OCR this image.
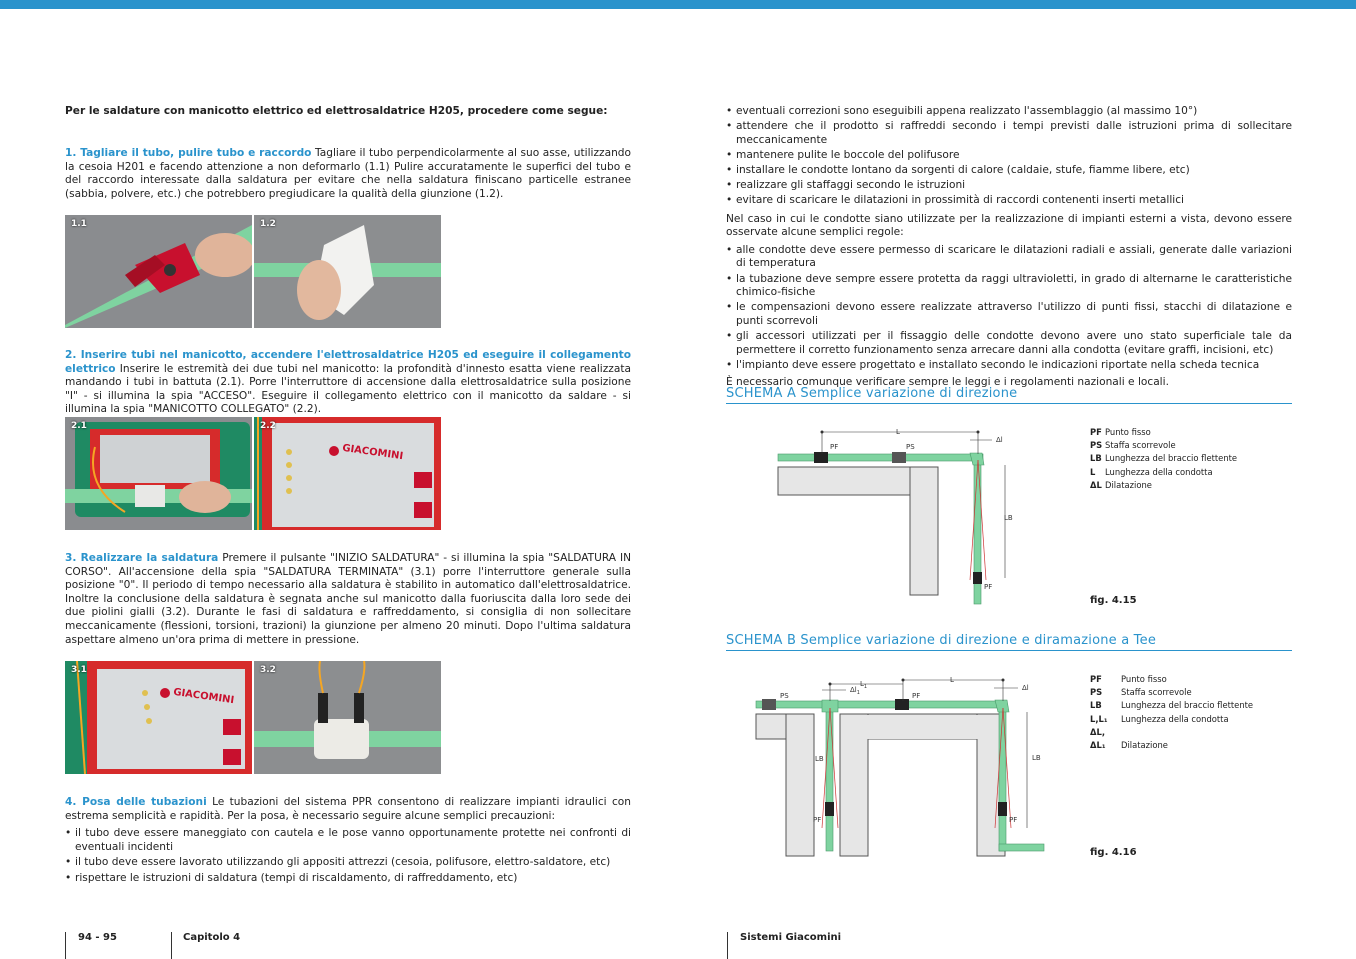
Per le saldature con manicotto elettrico ed elettrosaldatrice H205, procedere come segue:

1. Tagliare il tubo, pulire tubo e raccordo Tagliare il tubo perpendicolarmente al suo asse, utilizzando la cesoia H201 e facendo attenzione a non deformarlo (1.1) Pulire accuratamente le superfici del tubo e del raccordo interessate dalla saldatura per evitare che nella saldatura finiscano particelle estranee (sabbia, polvere, etc.) che potrebbero pregiudicare la qualità della giunzione (1.2).

1.1	1.2

2. Inserire tubi nel manicotto, accendere l'elettrosaldatrice H205 ed eseguire il collegamento elettrico Inserire le estremità dei due tubi nel manicotto: la profondità d'innesto esatta viene realizzata mandando i tubi in battuta (2.1). Porre l'interruttore di accensione dalla elettrosaldatrice sulla posizione "I" - si illumina la spia "ACCESO". Eseguire il collegamento elettrico con il manicotto da saldare - si illumina la spia "MANICOTTO COLLEGATO" (2.2).

2.1
GIACOMINI
2.2

3. Realizzare la saldatura Premere il pulsante "INIZIO SALDATURA" - si illumina la spia "SALDATURA IN CORSO". All'accensione della spia "SALDATURA TERMINATA" (3.1) porre l'interruttore generale sulla posizione "0". Il periodo di tempo necessario alla saldatura è stabilito in automatico dall'elettrosaldatrice. Inoltre la conclusione della saldatura è segnata anche sul manicotto dalla fuoriuscita dalla loro sede dei due piolini gialli (3.2). Durante le fasi di saldatura e raffreddamento, si consiglia di non sollecitare meccanicamente (flessioni, torsioni, trazioni) la giunzione per almeno 20 minuti. Dopo l'ultima saldatura aspettare almeno un'ora prima di mettere in pressione.

GIACOMINI
3.1	3.2

4. Posa delle tubazioni Le tubazioni del sistema PPR consentono di realizzare impianti idraulici con estrema semplicità e rapidità. Per la posa, è necessario seguire alcune semplici precauzioni:

• il tubo deve essere maneggiato con cautela e le pose vanno opportunamente protette nei confronti di eventuali incidenti
• il tubo deve essere lavorato utilizzando gli appositi attrezzi (cesoia, polifusore, elettro-saldatore, etc)
• rispettare le istruzioni di saldatura (tempi di riscaldamento, di raffreddamento, etc)
• eventuali correzioni sono eseguibili appena realizzato l'assemblaggio (al massimo 10°)
• attendere che il prodotto si raffreddi secondo i tempi previsti dalle istruzioni prima di sollecitare meccanicamente
• mantenere pulite le boccole del polifusore
• installare le condotte lontano da sorgenti di calore (caldaie, stufe, fiamme libere, etc)
• realizzare gli staffaggi secondo le istruzioni
• evitare di scaricare le dilatazioni in prossimità di raccordi contenenti inserti metallici

Nel caso in cui le condotte siano utilizzate per la realizzazione di impianti esterni a vista, devono essere osservate alcune semplici regole:

• alle condotte deve essere permesso di scaricare le dilatazioni radiali e assiali, generate dalle variazioni di temperatura
• la tubazione deve sempre essere protetta da raggi ultravioletti, in grado di alternarne le caratteristiche chimico-fisiche
• le compensazioni devono essere realizzate attraverso l'utilizzo di punti fissi, stacchi di dilatazione e punti scorrevoli
• gli accessori utilizzati per il fissaggio delle condotte devono avere uno stato superficiale tale da permettere il corretto funzionamento senza arrecare danni alla condotta (evitare graffi, incisioni, etc)
• l'impianto deve essere progettato e installato secondo le indicazioni riportate nella scheda tecnica

È necessario comunque verificare sempre le leggi e i regolamenti nazionali e locali.

SCHEMA A Semplice variazione di direzione
L
PF	PS
Δl
LB
PF
PF Punto fisso
PS Staffa scorrevole
LB Lunghezza del braccio flettente
L Lunghezza della condotta
ΔL Dilatazione
fig. 4.15
SCHEMA B Semplice variazione di direzione e diramazione a Tee
$L_1$
L
$\Delta l_1$
Δl
PS	PF
LB	LB
PF	PF
PF Punto fisso
PS Staffa scorrevole
LB Lunghezza del braccio flettente
L,L₁ Lunghezza della condotta
ΔL, ΔL₁ Dilatazione
fig. 4.16
94 - 95	Capitolo 4	Sistemi Giacomini
